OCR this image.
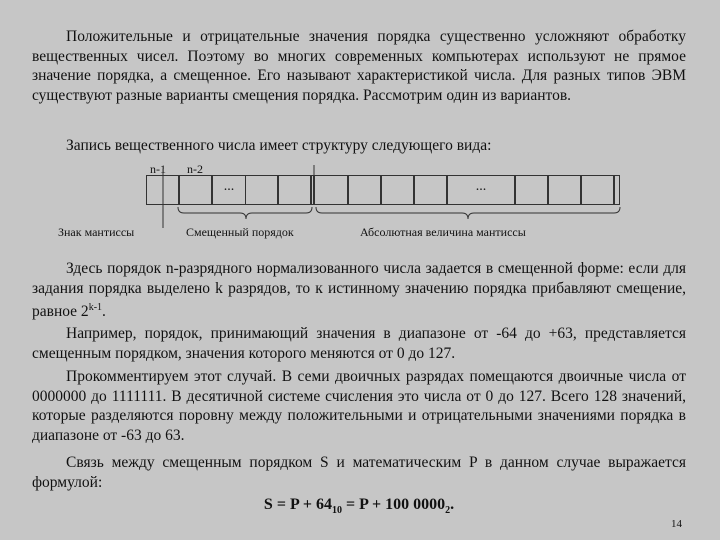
Положительные и отрицательные значения порядка существенно усложняют обработку вещественных чисел. Поэтому во многих современных компьютерах используют не прямое значение порядка, а смещенное. Его называют характеристикой числа. Для разных типов ЭВМ существуют разные варианты смещения порядка. Рассмотрим один из вариантов.

Запись вещественного числа имеет структуру следующего вида:

n-1 n-2
...	...
Знак мантиссы	Смещенный порядок	Абсолютная величина мантиссы

Здесь порядок n-разрядного нормализованного числа задается в смещенной форме: если для задания порядка выделено k разрядов, то к истинному значению порядка прибавляют смещение, равное 2$^{k-1}$.

Например, порядок, принимающий значения в диапазоне от -64 до +63, представляется смещенным порядком, значения которого меняются от 0 до 127.

Прокомментируем этот случай. В семи двоичных разрядах помещаются двоичные числа от 0000000 до 1111111. В десятичной системе счисления это числа от 0 до 127. Всего 128 значений, которые разделяются поровну между положительными и отрицательными значениями порядка в диапазоне от -63 до 63.

Связь между смещенным порядком S и математическим P в данном случае выражается формулой:

$S = P + 64_{10} = P + 100$ $0000_2$.

14
